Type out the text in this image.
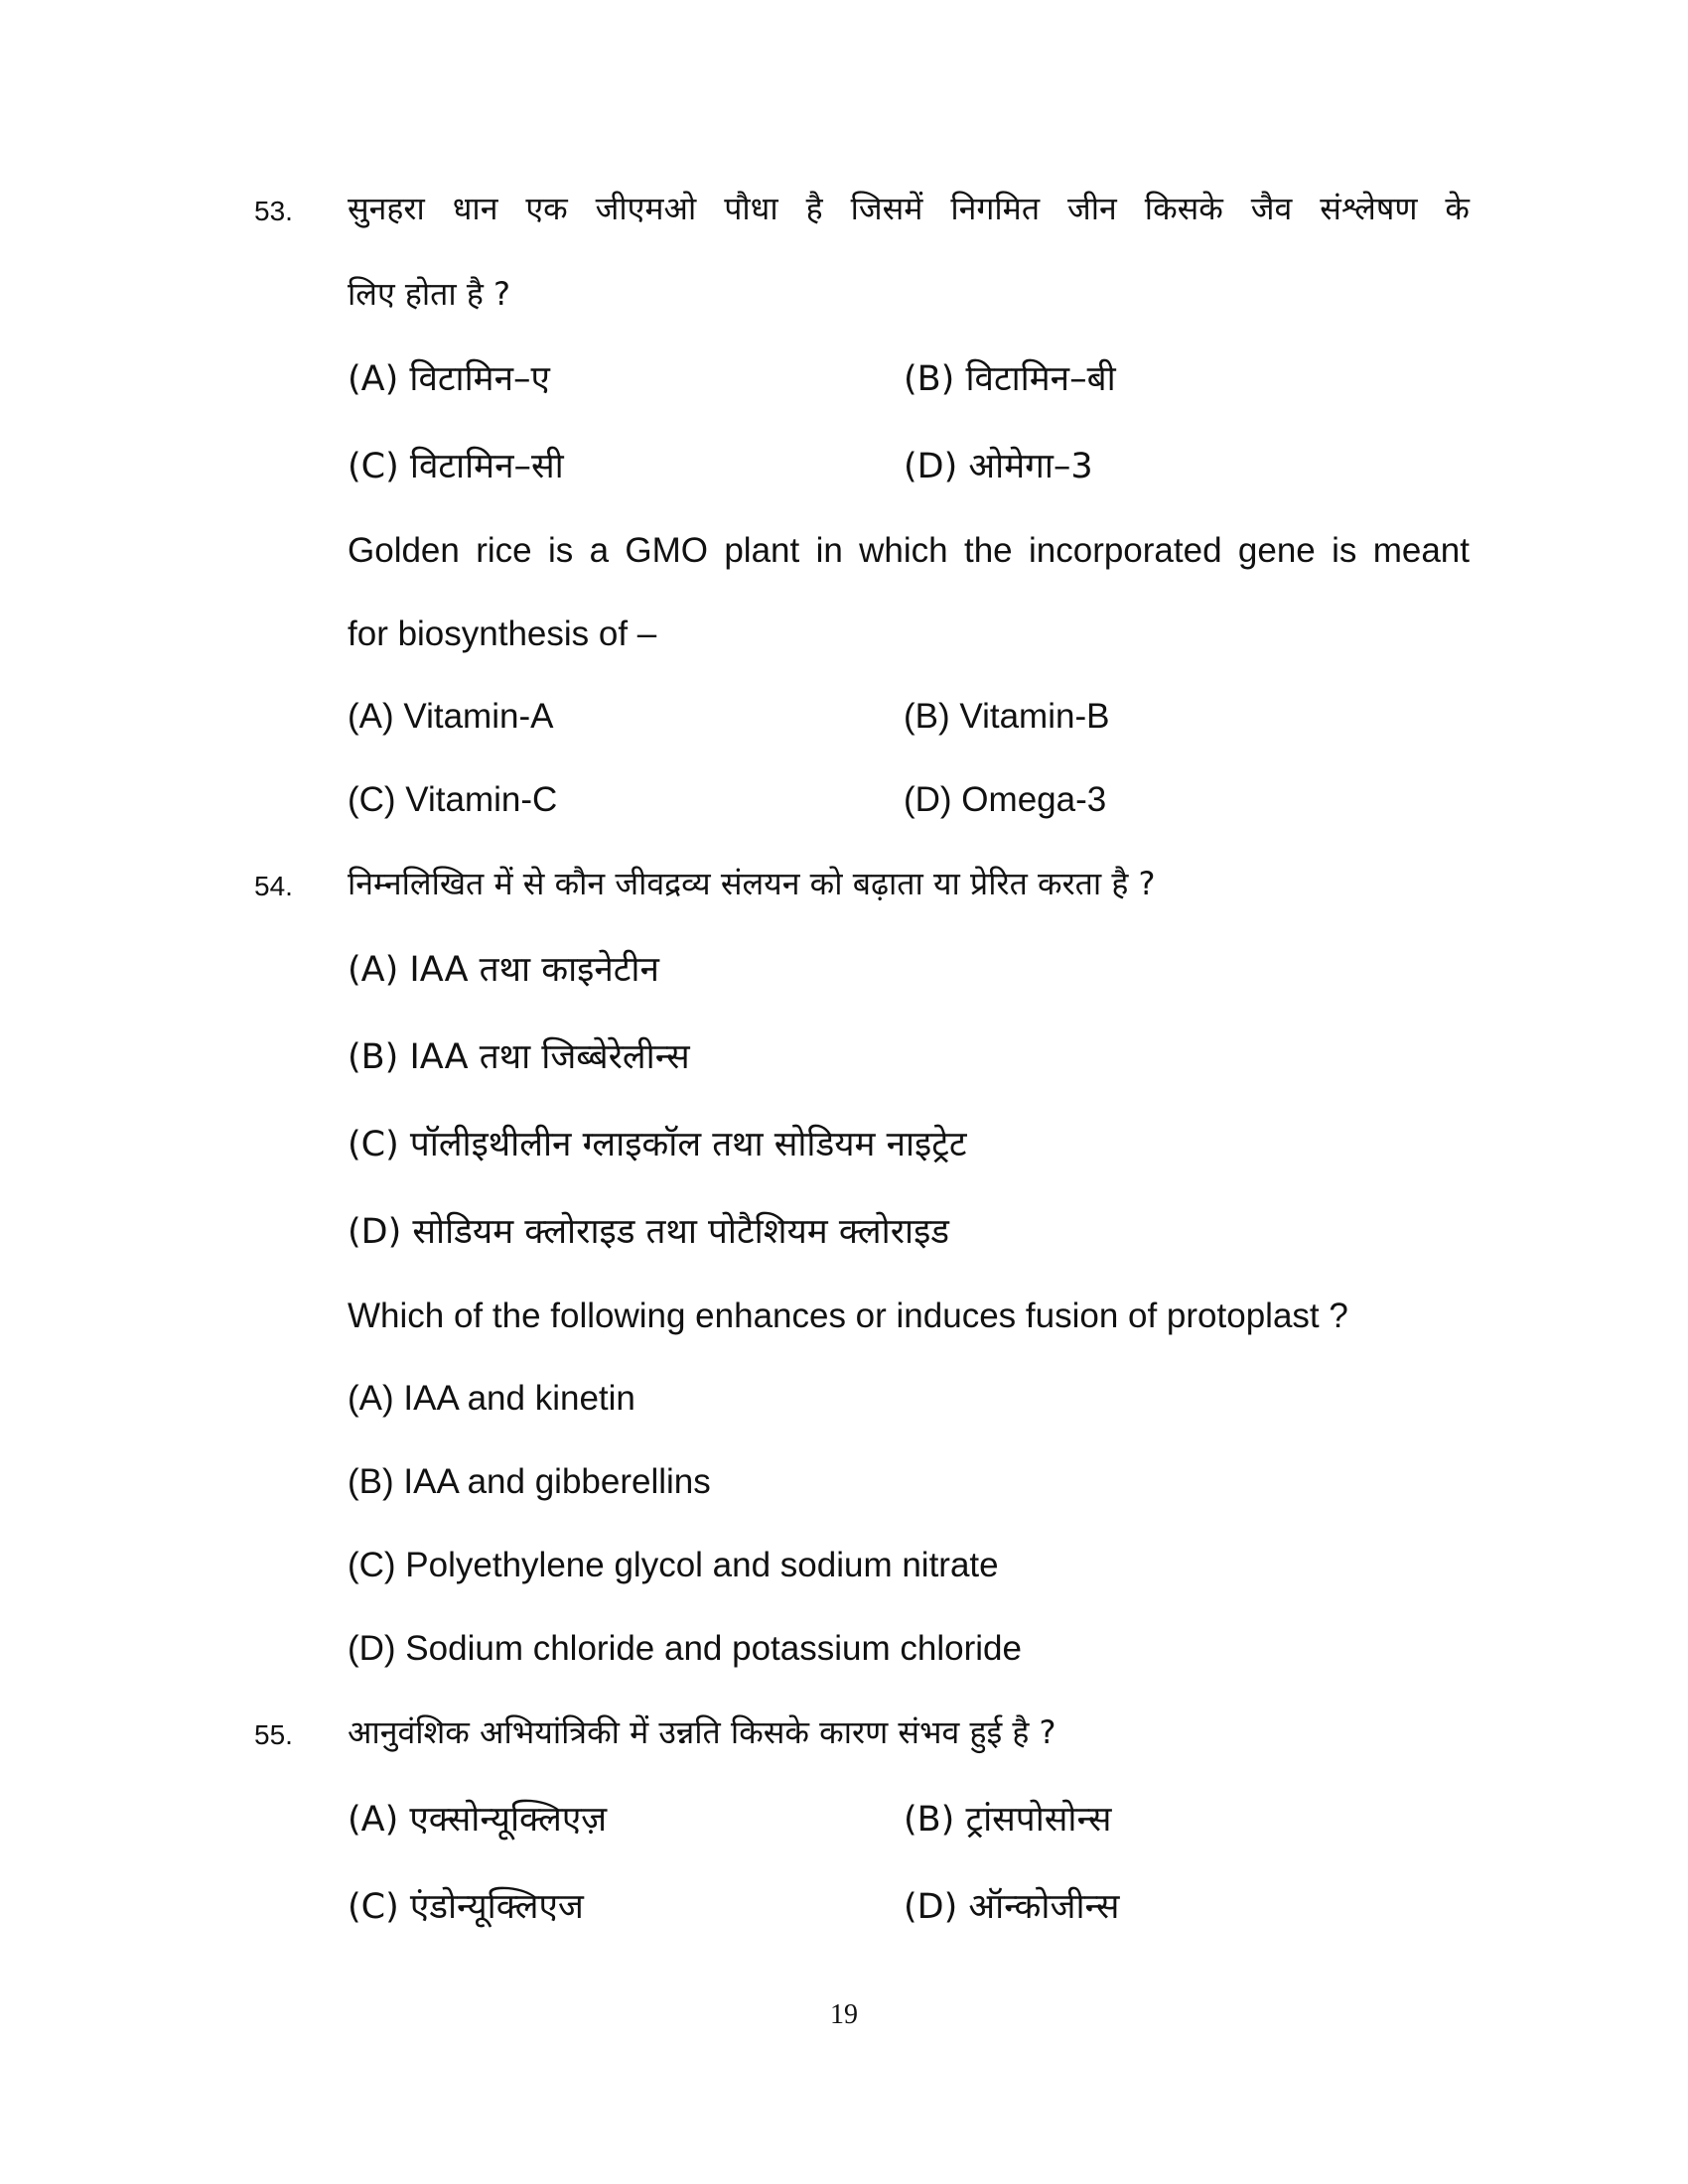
53. सुनहरा धान एक जीएमओ पौधा है जिसमें निगमित जीन किसके जैव संश्लेषण के
लिए होता है ?
(A) विटामिन–ए	(B) विटामिन–बी
(C) विटामिन–सी	(D) ओमेगा–3
Golden rice is a GMO plant in which the incorporated gene is meant
for biosynthesis of –
(A) Vitamin-A	(B) Vitamin-B
(C) Vitamin-C	(D) Omega-3
54. निम्नलिखित में से कौन जीवद्रव्य संलयन को बढ़ाता या प्रेरित करता है ?
(A) IAA तथा काइनेटीन
(B) IAA तथा जिब्बेरेलीन्स
(C) पॉलीइथीलीन ग्लाइकॉल तथा सोडियम नाइट्रेट
(D) सोडियम क्लोराइड तथा पोटैशियम क्लोराइड
Which of the following enhances or induces fusion of protoplast ?
(A) IAA and kinetin
(B) IAA and gibberellins
(C) Polyethylene glycol and sodium nitrate
(D) Sodium chloride and potassium chloride
55. आनुवंशिक अभियांत्रिकी में उन्नति किसके कारण संभव हुई है ?
(A) एक्सोन्यूक्लिएज़	(B) ट्रांसपोसोन्स
(C) एंडोन्यूक्लिएज	(D) ऑन्कोजीन्स
19
